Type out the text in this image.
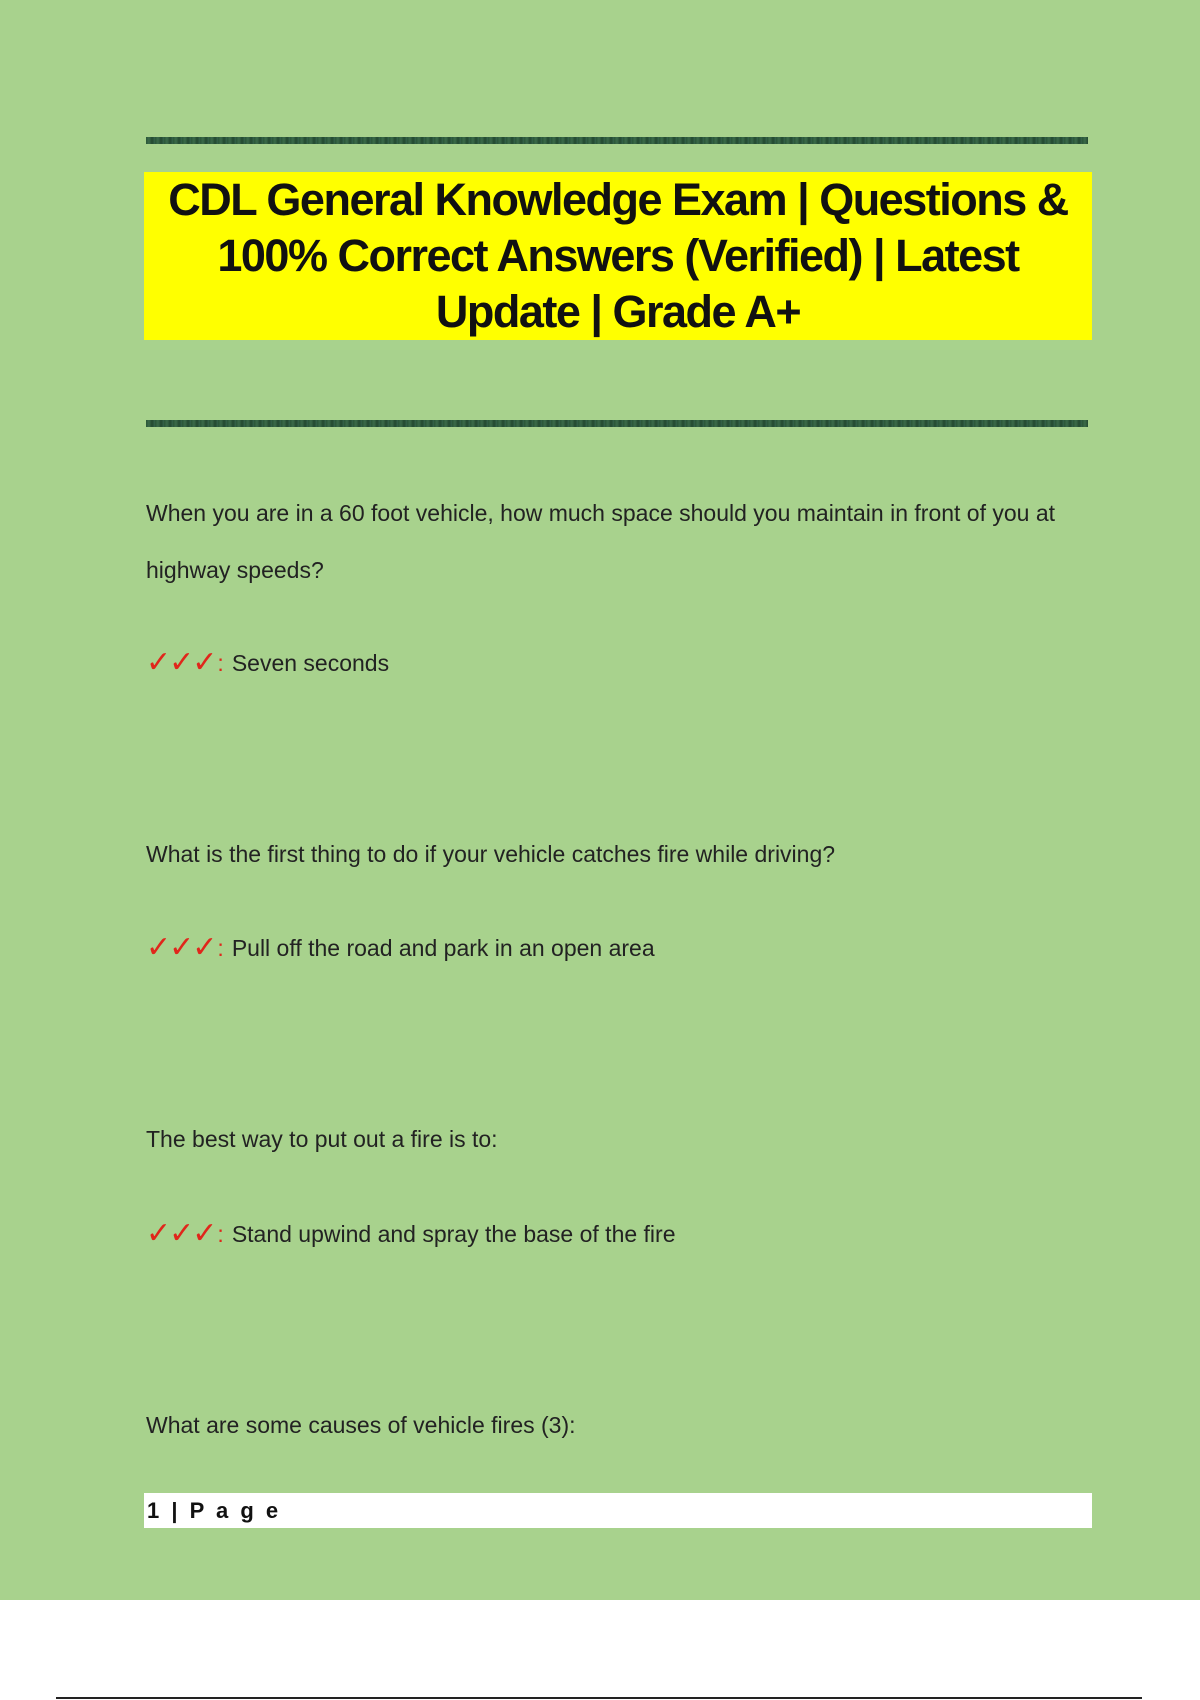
CDL General Knowledge Exam | Questions & 100% Correct Answers (Verified) | Latest Update | Grade A+
When you are in a 60 foot vehicle, how much space should you maintain in front of you at highway speeds?
✓✓✓ : Seven seconds
What is the first thing to do if your vehicle catches fire while driving?
✓✓✓ : Pull off the road and park in an open area
The best way to put out a fire is to:
✓✓✓ : Stand upwind and spray the base of the fire
What are some causes of vehicle fires (3):
1 | P a g e
